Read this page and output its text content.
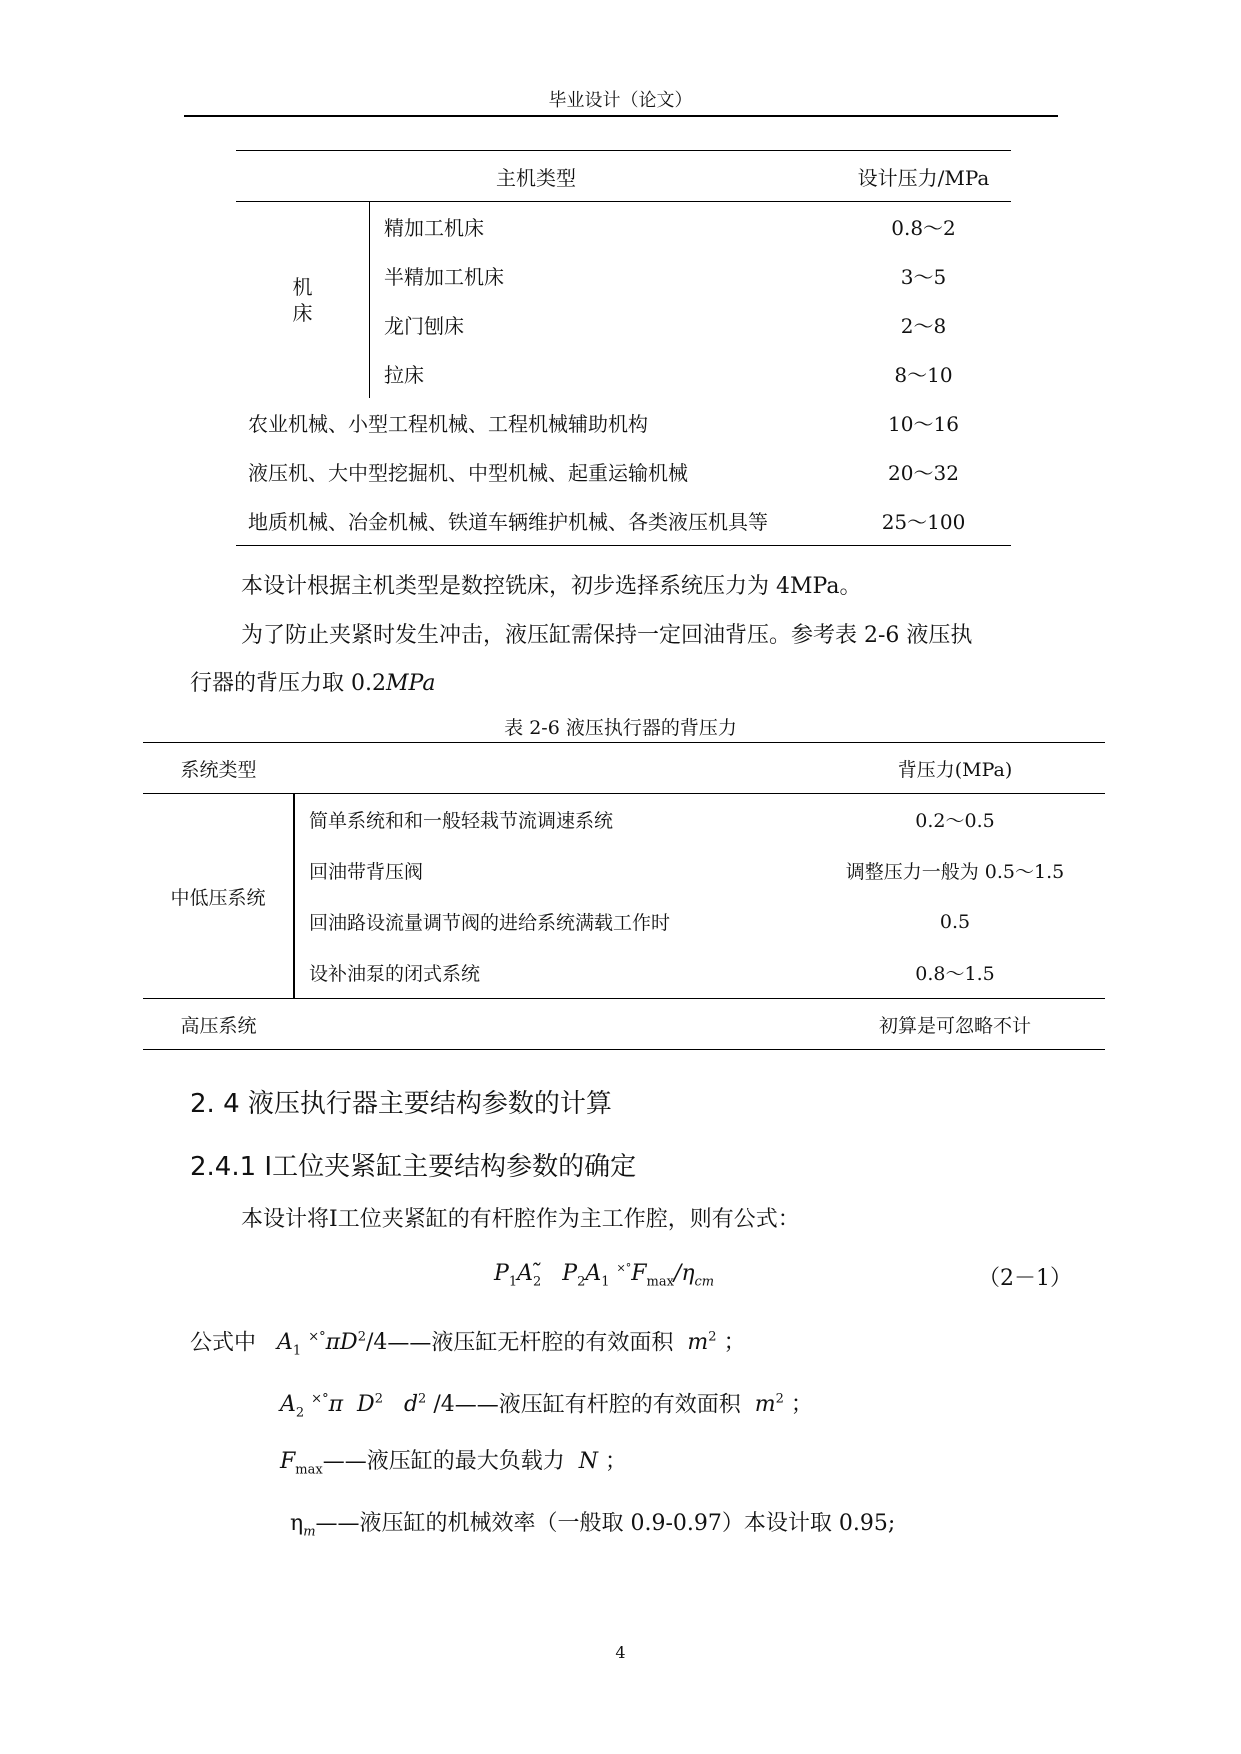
毕业设计（论文）
主机类型		设计压力/MPa

机床	精加工机床	0.8～2
	半精加工机床	3～5
	龙门刨床	2～8
	拉床	8～10
农业机械、小型工程机械、工程机械辅助机构		10～16
液压机、大中型挖掘机、中型机械、起重运输机械		20～32
地质机械、冶金机械、铁道车辆维护机械、各类液压机具等		25～100
本设计根据主机类型是数控铣床，初步选择系统压力为 4MPa。
为了防止夹紧时发生冲击，液压缸需保持一定回油背压。参考表 2-6 液压执
行器的背压力取 0.2MPa
表 2-6 液压执行器的背压力
系统类型		背压力(MPa)
中低压系统	简单系统和和一般轻栽节流调速系统	0.2～0.5
	回油带背压阀	调整压力一般为 0.5～1.5
	回油路设流量调节阀的进给系统满载工作时	0.5
	设补油泵的闭式系统	0.8～1.5
高压系统		初算是可忽略不计
2. 4 液压执行器主要结构参数的计算
2.4.1 Ⅰ工位夹紧缸主要结构参数的确定
本设计将Ⅰ工位夹紧缸的有杆腔作为主工作腔，则有公式：
$P_1A_2̃$   $P_2A_1$ $^{\times^\circ}F_{max}/\eta_{cm}$	（2－1）
公式中 $A_1$ $^{\times^\circ}\pi D^2/4——$液压缸无杆腔的有效面积 $m^2$ ；
$A_2$ ×°π $D^2$ $d^2$ /4——液压缸有杆腔的有效面积 $m^2$ ；
$F_{max}——$液压缸的最大负载力 N ；
$\eta_m——$液压缸的机械效率（一般取 0.9-0.97）本设计取 0.95;
4
